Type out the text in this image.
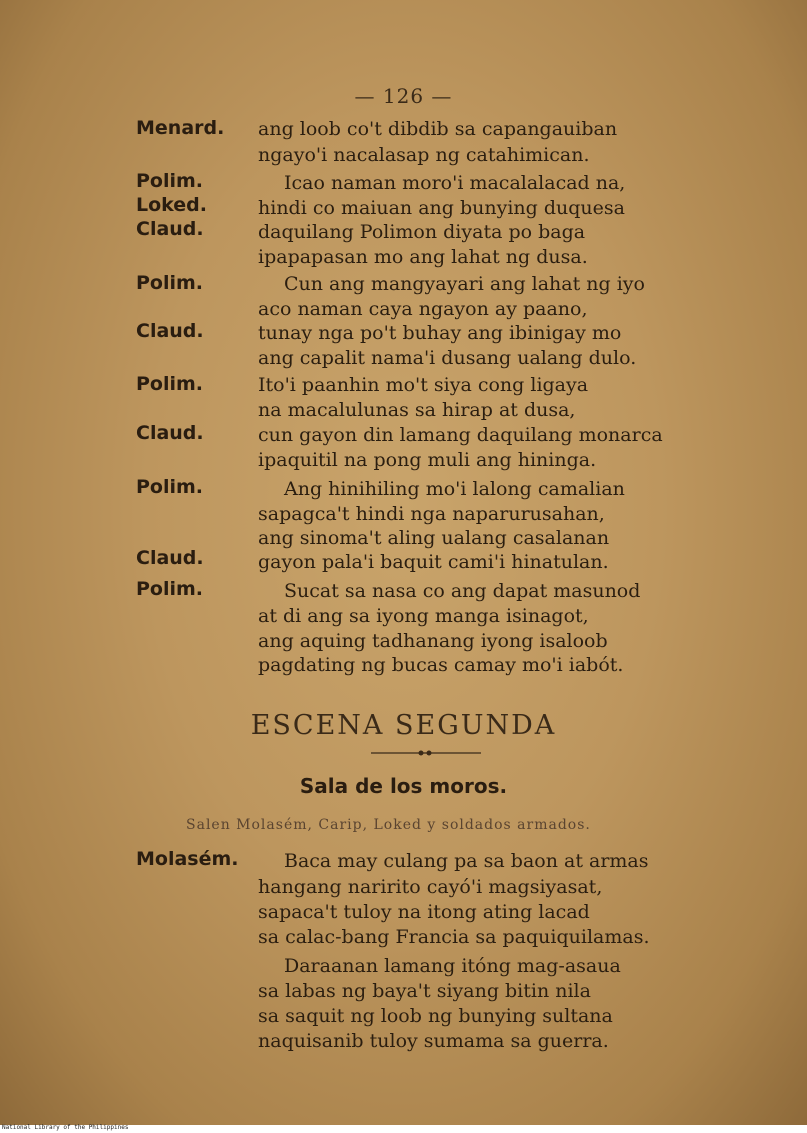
— 126 —
Menard.
Polim.
Loked.
Claud.
Polim.
Claud.
Polim.
Claud.
Polim.
Claud.
Polim.
ang loob co't dibdib sa capangauiban
ngayo'i nacalasap ng catahimican.
Icao naman moro'i macalalacad na,
hindi co maiuan ang bunying duquesa
daquilang Polimon diyata po baga
ipapapasan mo ang lahat ng dusa.
Cun ang mangyayari ang lahat ng iyo
aco naman caya ngayon ay paano,
tunay nga po't buhay ang ibinigay mo
ang capalit nama'i dusang ualang dulo.
Ito'i paanhin mo't siya cong ligaya
na macalulunas sa hirap at dusa,
cun gayon din lamang daquilang monarca
ipaquitil na pong muli ang hininga.
Ang hinihiling mo'i lalong camalian
sapagca't hindi nga naparurusahan,
ang sinoma't aling ualang casalanan
gayon pala'i baquit cami'i hinatulan.
Sucat sa nasa co ang dapat masunod
at di ang sa iyong manga isinagot,
ang aquing tadhanang iyong isaloob
pagdating ng bucas camay mo'i iabót.
ESCENA SEGUNDA
Sala de los moros.
Salen Molasém, Carip, Loked y soldados armados.
Molasém. Baca may culang pa sa baon at armas
hangang naririto cayó'i magsiyasat,
sapaca't tuloy na itong ating lacad
sa calac-bang Francia sa paquiquilamas.
Daraanan lamang itóng mag-asaua
sa labas ng baya't siyang bitin nila
sa saquit ng loob ng bunying sultana
naquisanib tuloy sumama sa guerra.
National Library of the Philippines
